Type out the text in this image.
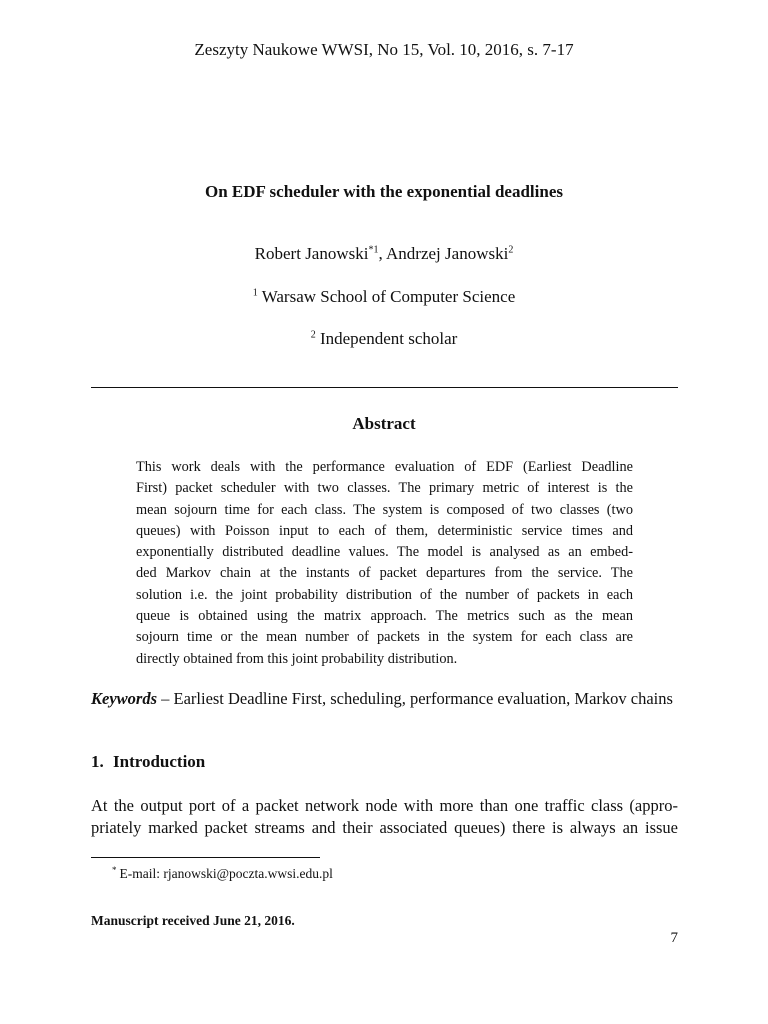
Zeszyty Naukowe WWSI, No 15, Vol. 10, 2016, s. 7-17
On EDF scheduler with the exponential deadlines
Robert Janowski$^{*1}$, Andrzej Janowski$^2$
$^1$ Warsaw School of Computer Science
$^2$ Independent scholar
Abstract
This work deals with the performance evaluation of EDF (Earliest Deadline
First) packet scheduler with two classes. The primary metric of interest is the
mean sojourn time for each class. The system is composed of two classes (two
queues) with Poisson input to each of them, deterministic service times and
exponentially distributed deadline values. The model is analysed as an embed-
ded Markov chain at the instants of packet departures from the service. The
solution i.e. the joint probability distribution of the number of packets in each
queue is obtained using the matrix approach. The metrics such as the mean
sojourn time or the mean number of packets in the system for each class are
directly obtained from this joint probability distribution.
Keywords – Earliest Deadline First, scheduling, performance evaluation, Markov chains
1. Introduction
At the output port of a packet network node with more than one traffic class (appro-
priately marked packet streams and their associated queues) there is always an issue
* E-mail: rjanowski@poczta.wwsi.edu.pl
Manuscript received June 21, 2016.
7
